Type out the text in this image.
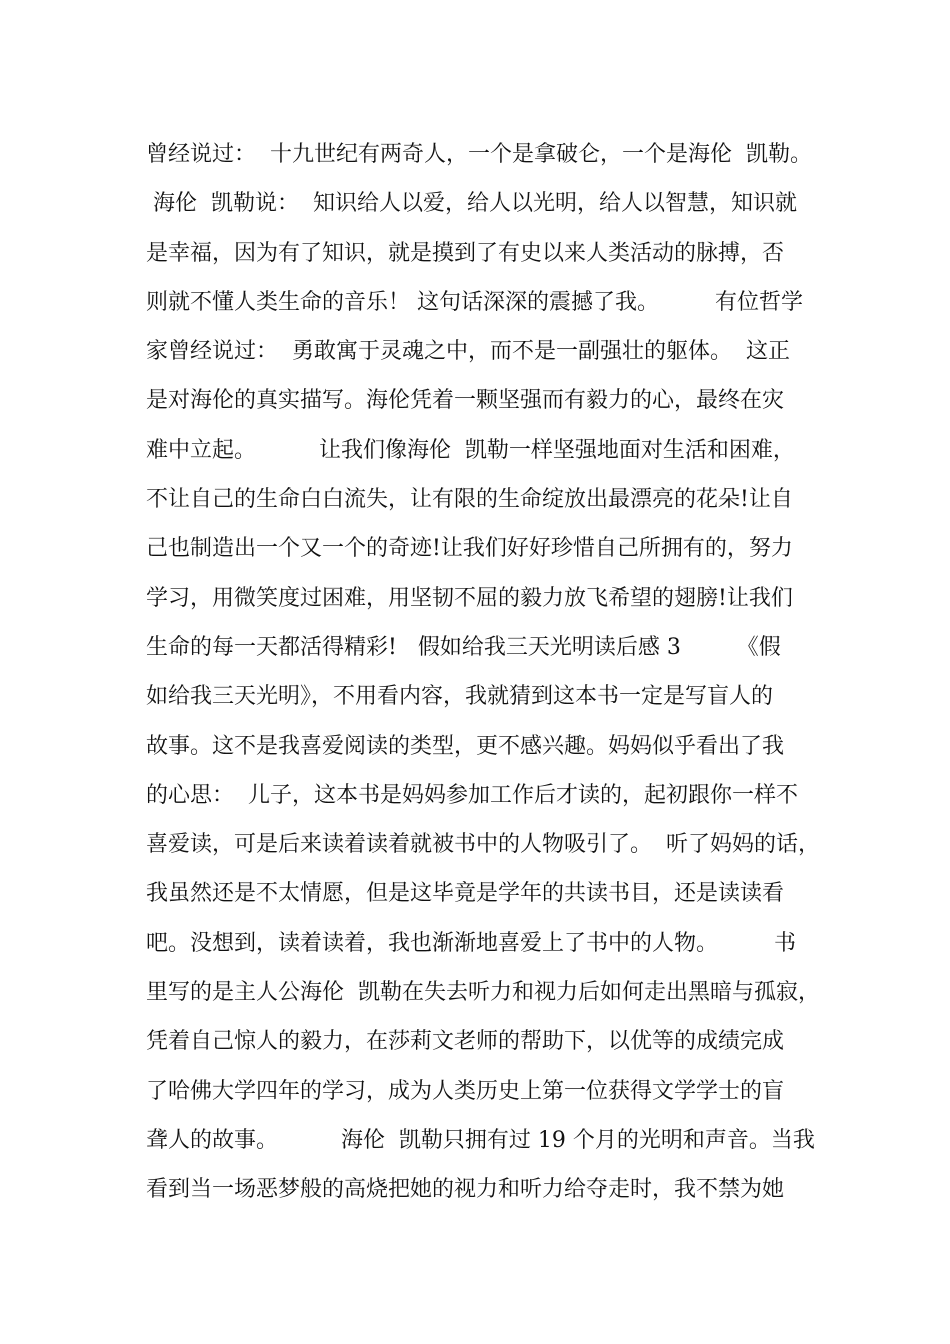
曾经说过：  十九世纪有两奇人，一个是拿破仑，一个是海伦  凯勒。
海伦  凯勒说：  知识给人以爱，给人以光明，给人以智慧，知识就
是幸福，因为有了知识，就是摸到了有史以来人类活动的脉搏，否
则就不懂人类生命的音乐！ 这句话深深的震撼了我。        有位哲学
家曾经说过：  勇敢寓于灵魂之中，而不是一副强壮的躯体。  这正
是对海伦的真实描写。海伦凭着一颗坚强而有毅力的心，最终在灾
难中立起。         让我们像海伦  凯勒一样坚强地面对生活和困难，
不让自己的生命白白流失，让有限的生命绽放出最漂亮的花朵!让自
己也制造出一个又一个的奇迹!让我们好好珍惜自己所拥有的，努力
学习，用微笑度过困难，用坚韧不屈的毅力放飞希望的翅膀!让我们
生命的每一天都活得精彩!   假如给我三天光明读后感 3        《假
如给我三天光明》，不用看内容，我就猜到这本书一定是写盲人的
故事。这不是我喜爱阅读的类型，更不感兴趣。妈妈似乎看出了我
的心思：  儿子，这本书是妈妈参加工作后才读的，起初跟你一样不
喜爱读，可是后来读着读着就被书中的人物吸引了。  听了妈妈的话，
我虽然还是不太情愿，但是这毕竟是学年的共读书目，还是读读看
吧。没想到，读着读着，我也渐渐地喜爱上了书中的人物。        书
里写的是主人公海伦  凯勒在失去听力和视力后如何走出黑暗与孤寂，
凭着自己惊人的毅力，在莎莉文老师的帮助下，以优等的成绩完成
了哈佛大学四年的学习，成为人类历史上第一位获得文学学士的盲
聋人的故事。         海伦  凯勒只拥有过 19 个月的光明和声音。当我
看到当一场恶梦般的高烧把她的视力和听力给夺走时，我不禁为她
